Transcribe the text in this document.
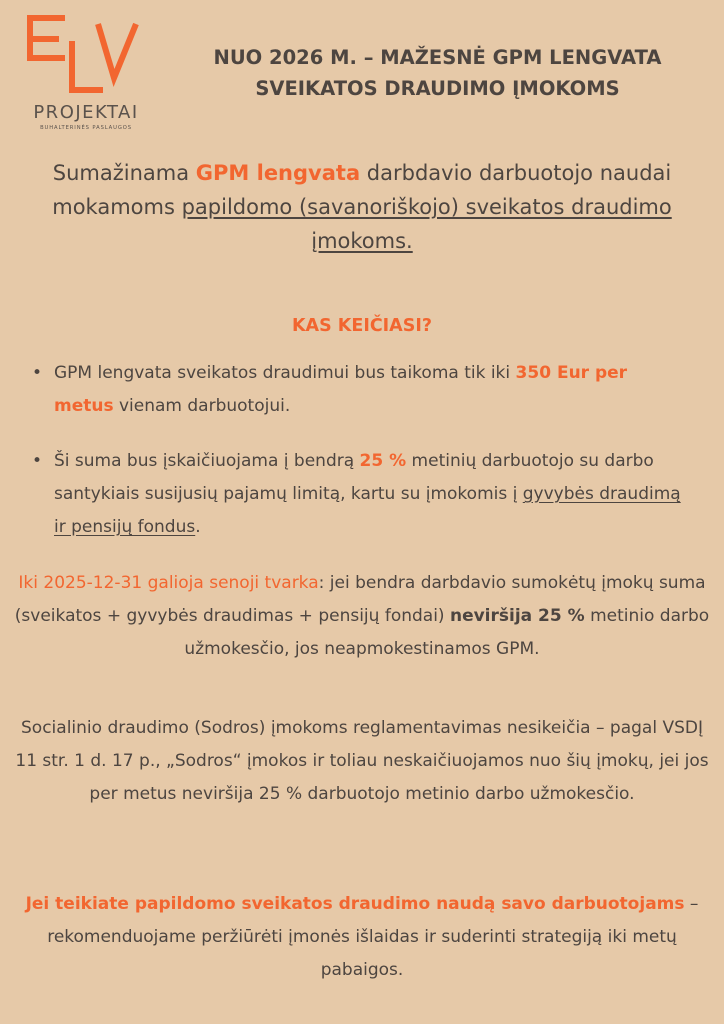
PROJEKTAI
BUHALTERINĖS PASLAUGOS
NUO 2026 M. – MAŽESNĖ GPM LENGVATA
SVEIKATOS DRAUDIMO ĮMOKOMS
Sumažinama GPM lengvata darbdavio darbuotojo naudai mokamoms papildomo (savanoriškojo) sveikatos draudimo įmokoms.
KAS KEIČIASI?
• GPM lengvata sveikatos draudimui bus taikoma tik iki 350 Eur per metus vienam darbuotojui.
• Ši suma bus įskaičiuojama į bendrą 25 % metinių darbuotojo su darbo santykiais susijusių pajamų limitą, kartu su įmokomis į gyvybės draudimą ir pensijų fondus.
Iki 2025-12-31 galioja senoji tvarka: jei bendra darbdavio sumokėtų įmokų suma (sveikatos + gyvybės draudimas + pensijų fondai) neviršija 25 % metinio darbo užmokesčio, jos neapmokestinamos GPM.
Socialinio draudimo (Sodros) įmokoms reglamentavimas nesikeičia – pagal VSDĮ 11 str. 1 d. 17 p., „Sodros“ įmokos ir toliau neskaičiuojamos nuo šių įmokų, jei jos per metus neviršija 25 % darbuotojo metinio darbo užmokesčio.
Jei teikiate papildomo sveikatos draudimo naudą savo darbuotojams – rekomenduojame peržiūrėti įmonės išlaidas ir suderinti strategiją iki metų pabaigos.
